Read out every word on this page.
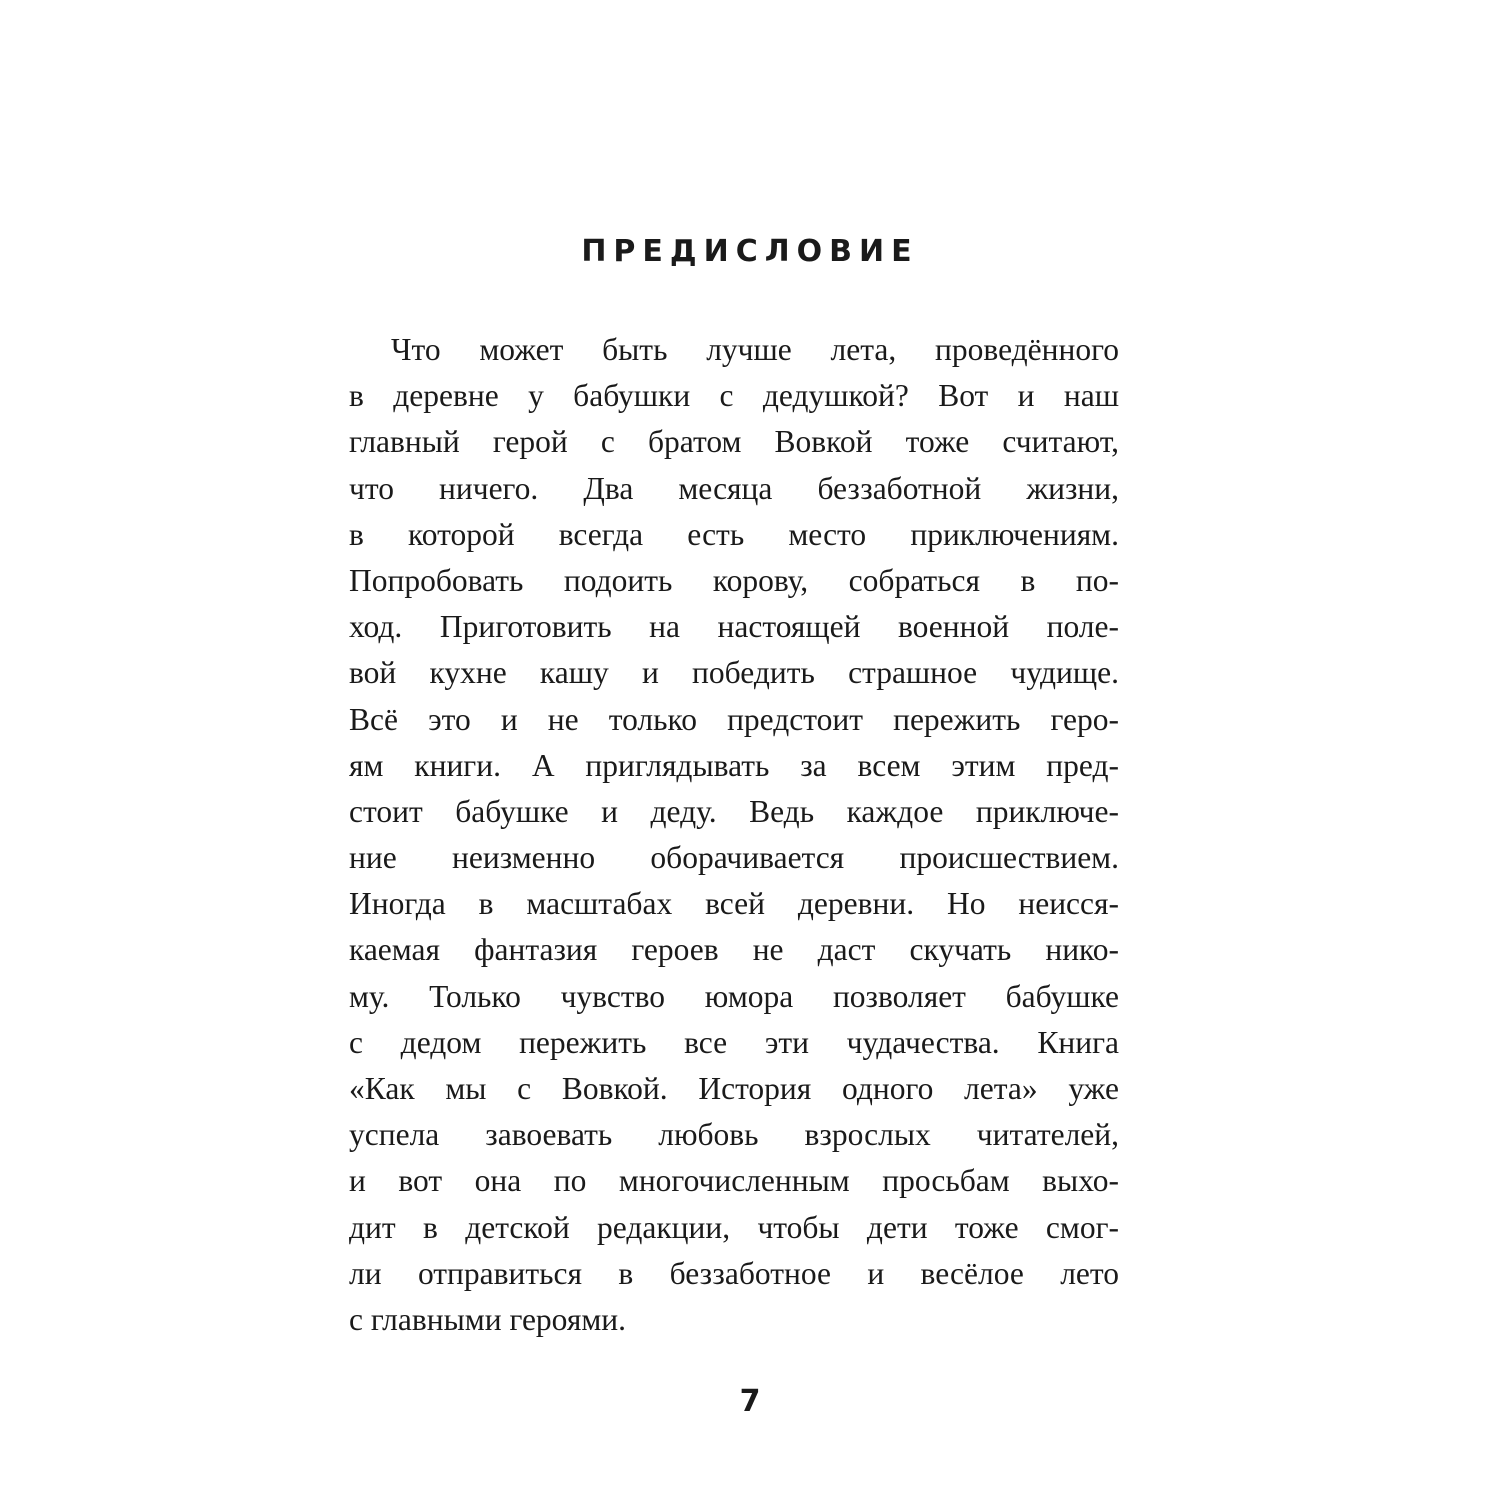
ПРЕДИСЛОВИЕ
Что может быть лучше лета, проведённого
в деревне у бабушки с дедушкой? Вот и наш
главный герой с братом Вовкой тоже считают,
что ничего. Два месяца беззаботной жизни,
в которой всегда есть место приключениям.
Попробовать подоить корову, собраться в по-
ход. Приготовить на настоящей военной поле-
вой кухне кашу и победить страшное чудище.
Всё это и не только предстоит пережить геро-
ям книги. А приглядывать за всем этим пред-
стоит бабушке и деду. Ведь каждое приключе-
ние неизменно оборачивается происшествием.
Иногда в масштабах всей деревни. Но неисся-
каемая фантазия героев не даст скучать нико-
му. Только чувство юмора позволяет бабушке
с дедом пережить все эти чудачества. Книга
«Как мы с Вовкой. История одного лета» уже
успела завоевать любовь взрослых читателей,
и вот она по многочисленным просьбам выхо-
дит в детской редакции, чтобы дети тоже смог-
ли отправиться в беззаботное и весёлое лето
с главными героями.
7
